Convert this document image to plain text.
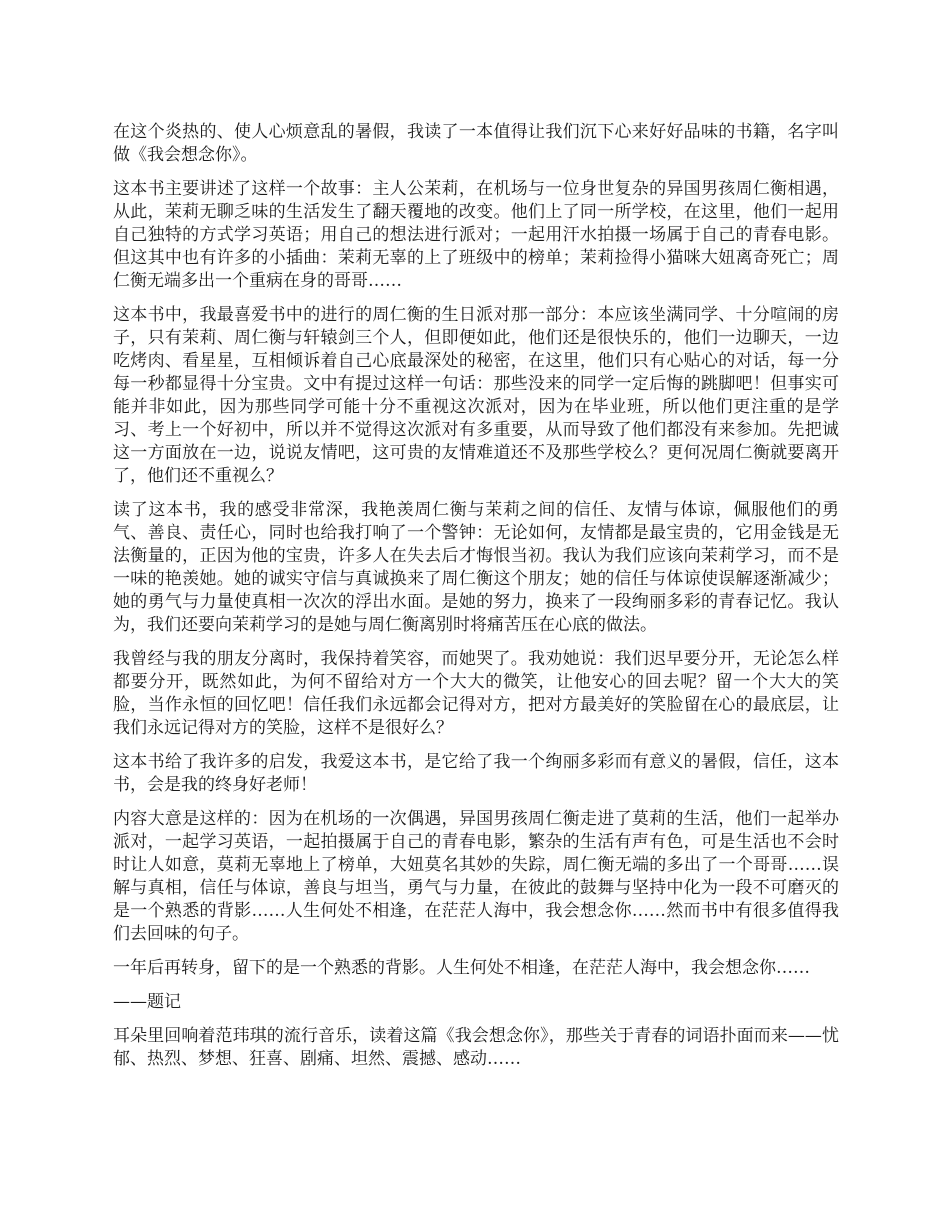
在这个炎热的、使人心烦意乱的暑假，我读了一本值得让我们沉下心来好好品味的书籍，名字叫做《我会想念你》。

这本书主要讲述了这样一个故事：主人公茉莉，在机场与一位身世复杂的异国男孩周仁衡相遇，从此，茉莉无聊乏味的生活发生了翻天覆地的改变。他们上了同一所学校，在这里，他们一起用自己独特的方式学习英语；用自己的想法进行派对；一起用汗水拍摄一场属于自己的青春电影。但这其中也有许多的小插曲：茉莉无辜的上了班级中的榜单；茉莉捡得小猫咪大妞离奇死亡；周仁衡无端多出一个重病在身的哥哥……

这本书中，我最喜爱书中的进行的周仁衡的生日派对那一部分：本应该坐满同学、十分喧闹的房子，只有茉莉、周仁衡与轩辕剑三个人，但即便如此，他们还是很快乐的，他们一边聊天，一边吃烤肉、看星星，互相倾诉着自己心底最深处的秘密，在这里，他们只有心贴心的对话，每一分每一秒都显得十分宝贵。文中有提过这样一句话：那些没来的同学一定后悔的跳脚吧！但事实可能并非如此，因为那些同学可能十分不重视这次派对，因为在毕业班，所以他们更注重的是学习、考上一个好初中，所以并不觉得这次派对有多重要，从而导致了他们都没有来参加。先把诚这一方面放在一边，说说友情吧，这可贵的友情难道还不及那些学校么？更何况周仁衡就要离开了，他们还不重视么？

读了这本书，我的感受非常深，我艳羡周仁衡与茉莉之间的信任、友情与体谅，佩服他们的勇气、善良、责任心，同时也给我打响了一个警钟：无论如何，友情都是最宝贵的，它用金钱是无法衡量的，正因为他的宝贵，许多人在失去后才悔恨当初。我认为我们应该向茉莉学习，而不是一味的艳羡她。她的诚实守信与真诚换来了周仁衡这个朋友；她的信任与体谅使误解逐渐减少；她的勇气与力量使真相一次次的浮出水面。是她的努力，换来了一段绚丽多彩的青春记忆。我认为，我们还要向茉莉学习的是她与周仁衡离别时将痛苦压在心底的做法。

我曾经与我的朋友分离时，我保持着笑容，而她哭了。我劝她说：我们迟早要分开，无论怎么样都要分开，既然如此，为何不留给对方一个大大的微笑，让他安心的回去呢？留一个大大的笑脸，当作永恒的回忆吧！信任我们永远都会记得对方，把对方最美好的笑脸留在心的最底层，让我们永远记得对方的笑脸，这样不是很好么？

这本书给了我许多的启发，我爱这本书，是它给了我一个绚丽多彩而有意义的暑假，信任，这本书，会是我的终身好老师！

内容大意是这样的：因为在机场的一次偶遇，异国男孩周仁衡走进了莫莉的生活，他们一起举办派对，一起学习英语，一起拍摄属于自己的青春电影，繁杂的生活有声有色，可是生活也不会时时让人如意，莫莉无辜地上了榜单，大妞莫名其妙的失踪，周仁衡无端的多出了一个哥哥……误解与真相，信任与体谅，善良与坦当，勇气与力量，在彼此的鼓舞与坚持中化为一段不可磨灭的是一个熟悉的背影……人生何处不相逢，在茫茫人海中，我会想念你……然而书中有很多值得我们去回味的句子。

一年后再转身，留下的是一个熟悉的背影。人生何处不相逢，在茫茫人海中，我会想念你……

——题记

耳朵里回响着范玮琪的流行音乐，读着这篇《我会想念你》，那些关于青春的词语扑面而来——忧郁、热烈、梦想、狂喜、剧痛、坦然、震撼、感动……
